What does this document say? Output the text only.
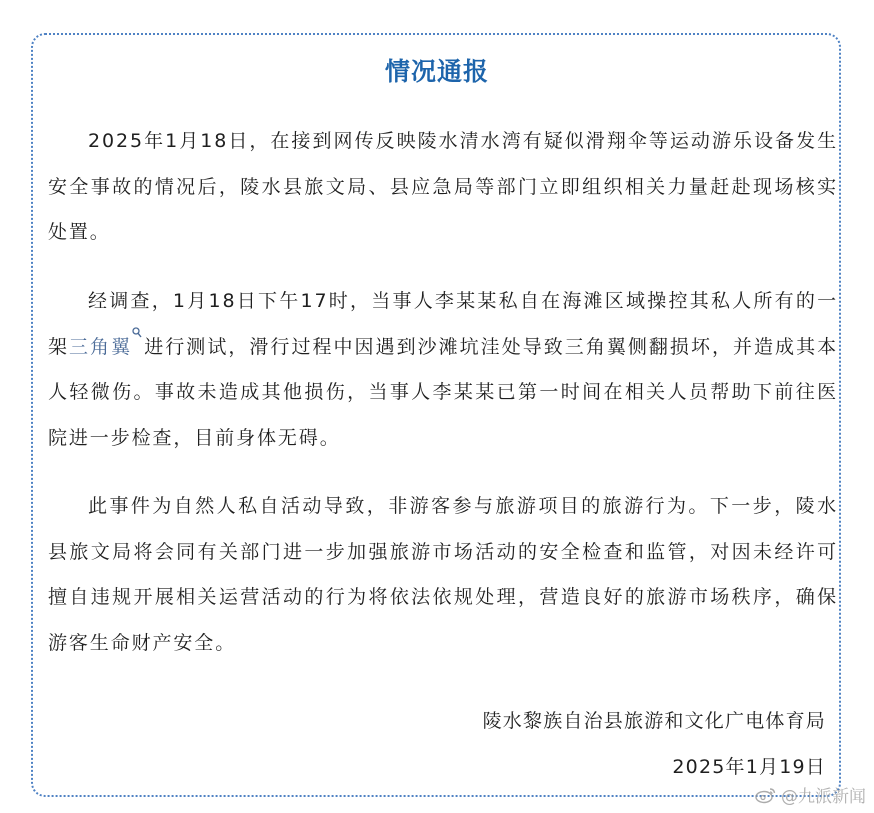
情况通报

2025年1月18日，在接到网传反映陵水清水湾有疑似滑翔伞等运动游乐设备发生安全事故的情况后，陵水县旅文局、县应急局等部门立即组织相关力量赶赴现场核实处置。

经调查，1月18日下午17时，当事人李某某私自在海滩区域操控其私人所有的一架三角翼 进行测试，滑行过程中因遇到沙滩坑洼处导致三角翼侧翻损坏，并造成其本人轻微伤。事故未造成其他损伤，当事人李某某已第一时间在相关人员帮助下前往医院进一步检查，目前身体无碍。

此事件为自然人私自活动导致，非游客参与旅游项目的旅游行为。下一步，陵水县旅文局将会同有关部门进一步加强旅游市场活动的安全检查和监管，对因未经许可擅自违规开展相关运营活动的行为将依法依规处理，营造良好的旅游市场秩序，确保游客生命财产安全。

陵水黎族自治县旅游和文化广电体育局

2025年1月19日

@九派新闻
